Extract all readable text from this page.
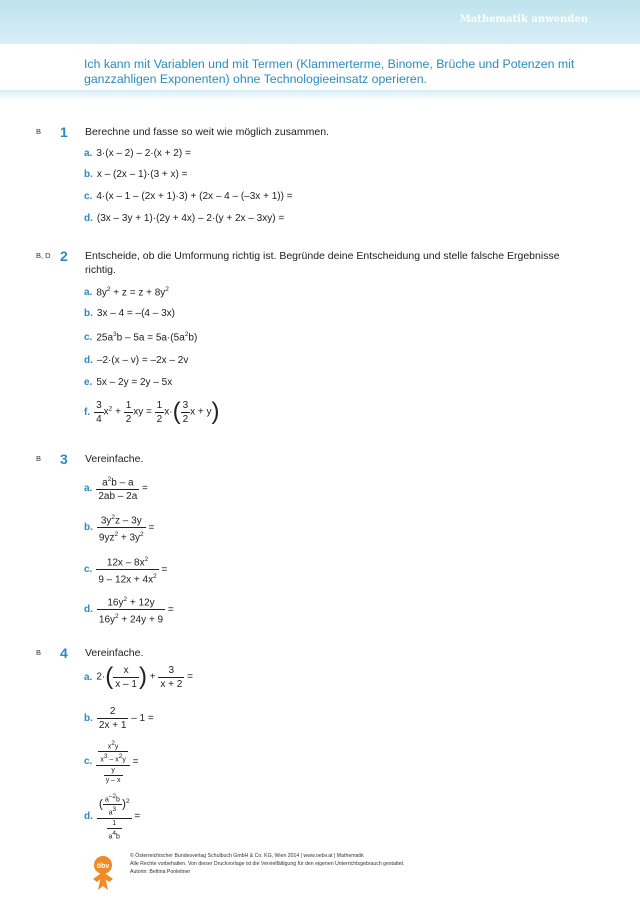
Mathematik anwenden
Ich kann mit Variablen und mit Termen (Klammerterme, Binome, Brüche und Potenzen mit ganzzahligen Exponenten) ohne Technologieeinsatz operieren.
B 1 Berechne und fasse so weit wie möglich zusammen.
a. 3·(x – 2) – 2·(x + 2) =
b. x – (2x – 1)·(3 + x) =
c. 4·(x – 1 – (2x + 1)·3) + (2x – 4 – (–3x + 1)) =
d. (3x – 3y + 1)·(2y + 4x) – 2·(y + 2x – 3xy) =
B, D 2 Entscheide, ob die Umformung richtig ist. Begründe deine Entscheidung und stelle falsche Ergebnisse richtig.
a. $8y^2 + z = z + 8y^2$
b. 3x – 4 = –(4 – 3x)
c. $25a^3b - 5a = 5a\cdot(5a^2b)$
d. –2·(x – v) = –2x – 2v
e. 5x – 2y = 2y – 5x
f. $\frac{3}{4} x^2 + \frac{1}{2}$ xy = $\frac{1}{2} x\cdot( \frac{3}{2}$ x + y)
B 3 Vereinfache.
a. $\frac{a^2b - a}{2ab - 2a}$ =
b. $\frac{3y^2z - 3y}{9yz^2 + 3y^2}$ =
c. $\frac{12x - 8x^2}{9 - 12x + 4x^2}$ =
d. $\frac{16y^2 + 12y}{16y^2 + 24y + 9}$ =
B 4 Vereinfache.
a. $2\cdot( \frac{x}{x - 1}$ ) + $\frac{3}{x + 2}$ =
b. $\frac{2}{2x + 1} - 1$ =
c. $\frac{\frac{x^2y}{x^3 - x^2y}}{\frac{y}{y - x}}$ =
d. $\frac{( \frac{a^{-2}b}{a^3} )^2}{\frac{1}{a^4b}}$ =
öbv
© Österreichischer Bundesverlag Schulbuch GmbH & Co. KG, Wien 2014 | www.oebv.at | Mathematik
Alle Rechte vorbehalten. Von dieser Druckvorlage ist die Vervielfältigung für den eigenen Unterrichtsgebrauch gestattet.
Autorin: Bettina Ponleitner
